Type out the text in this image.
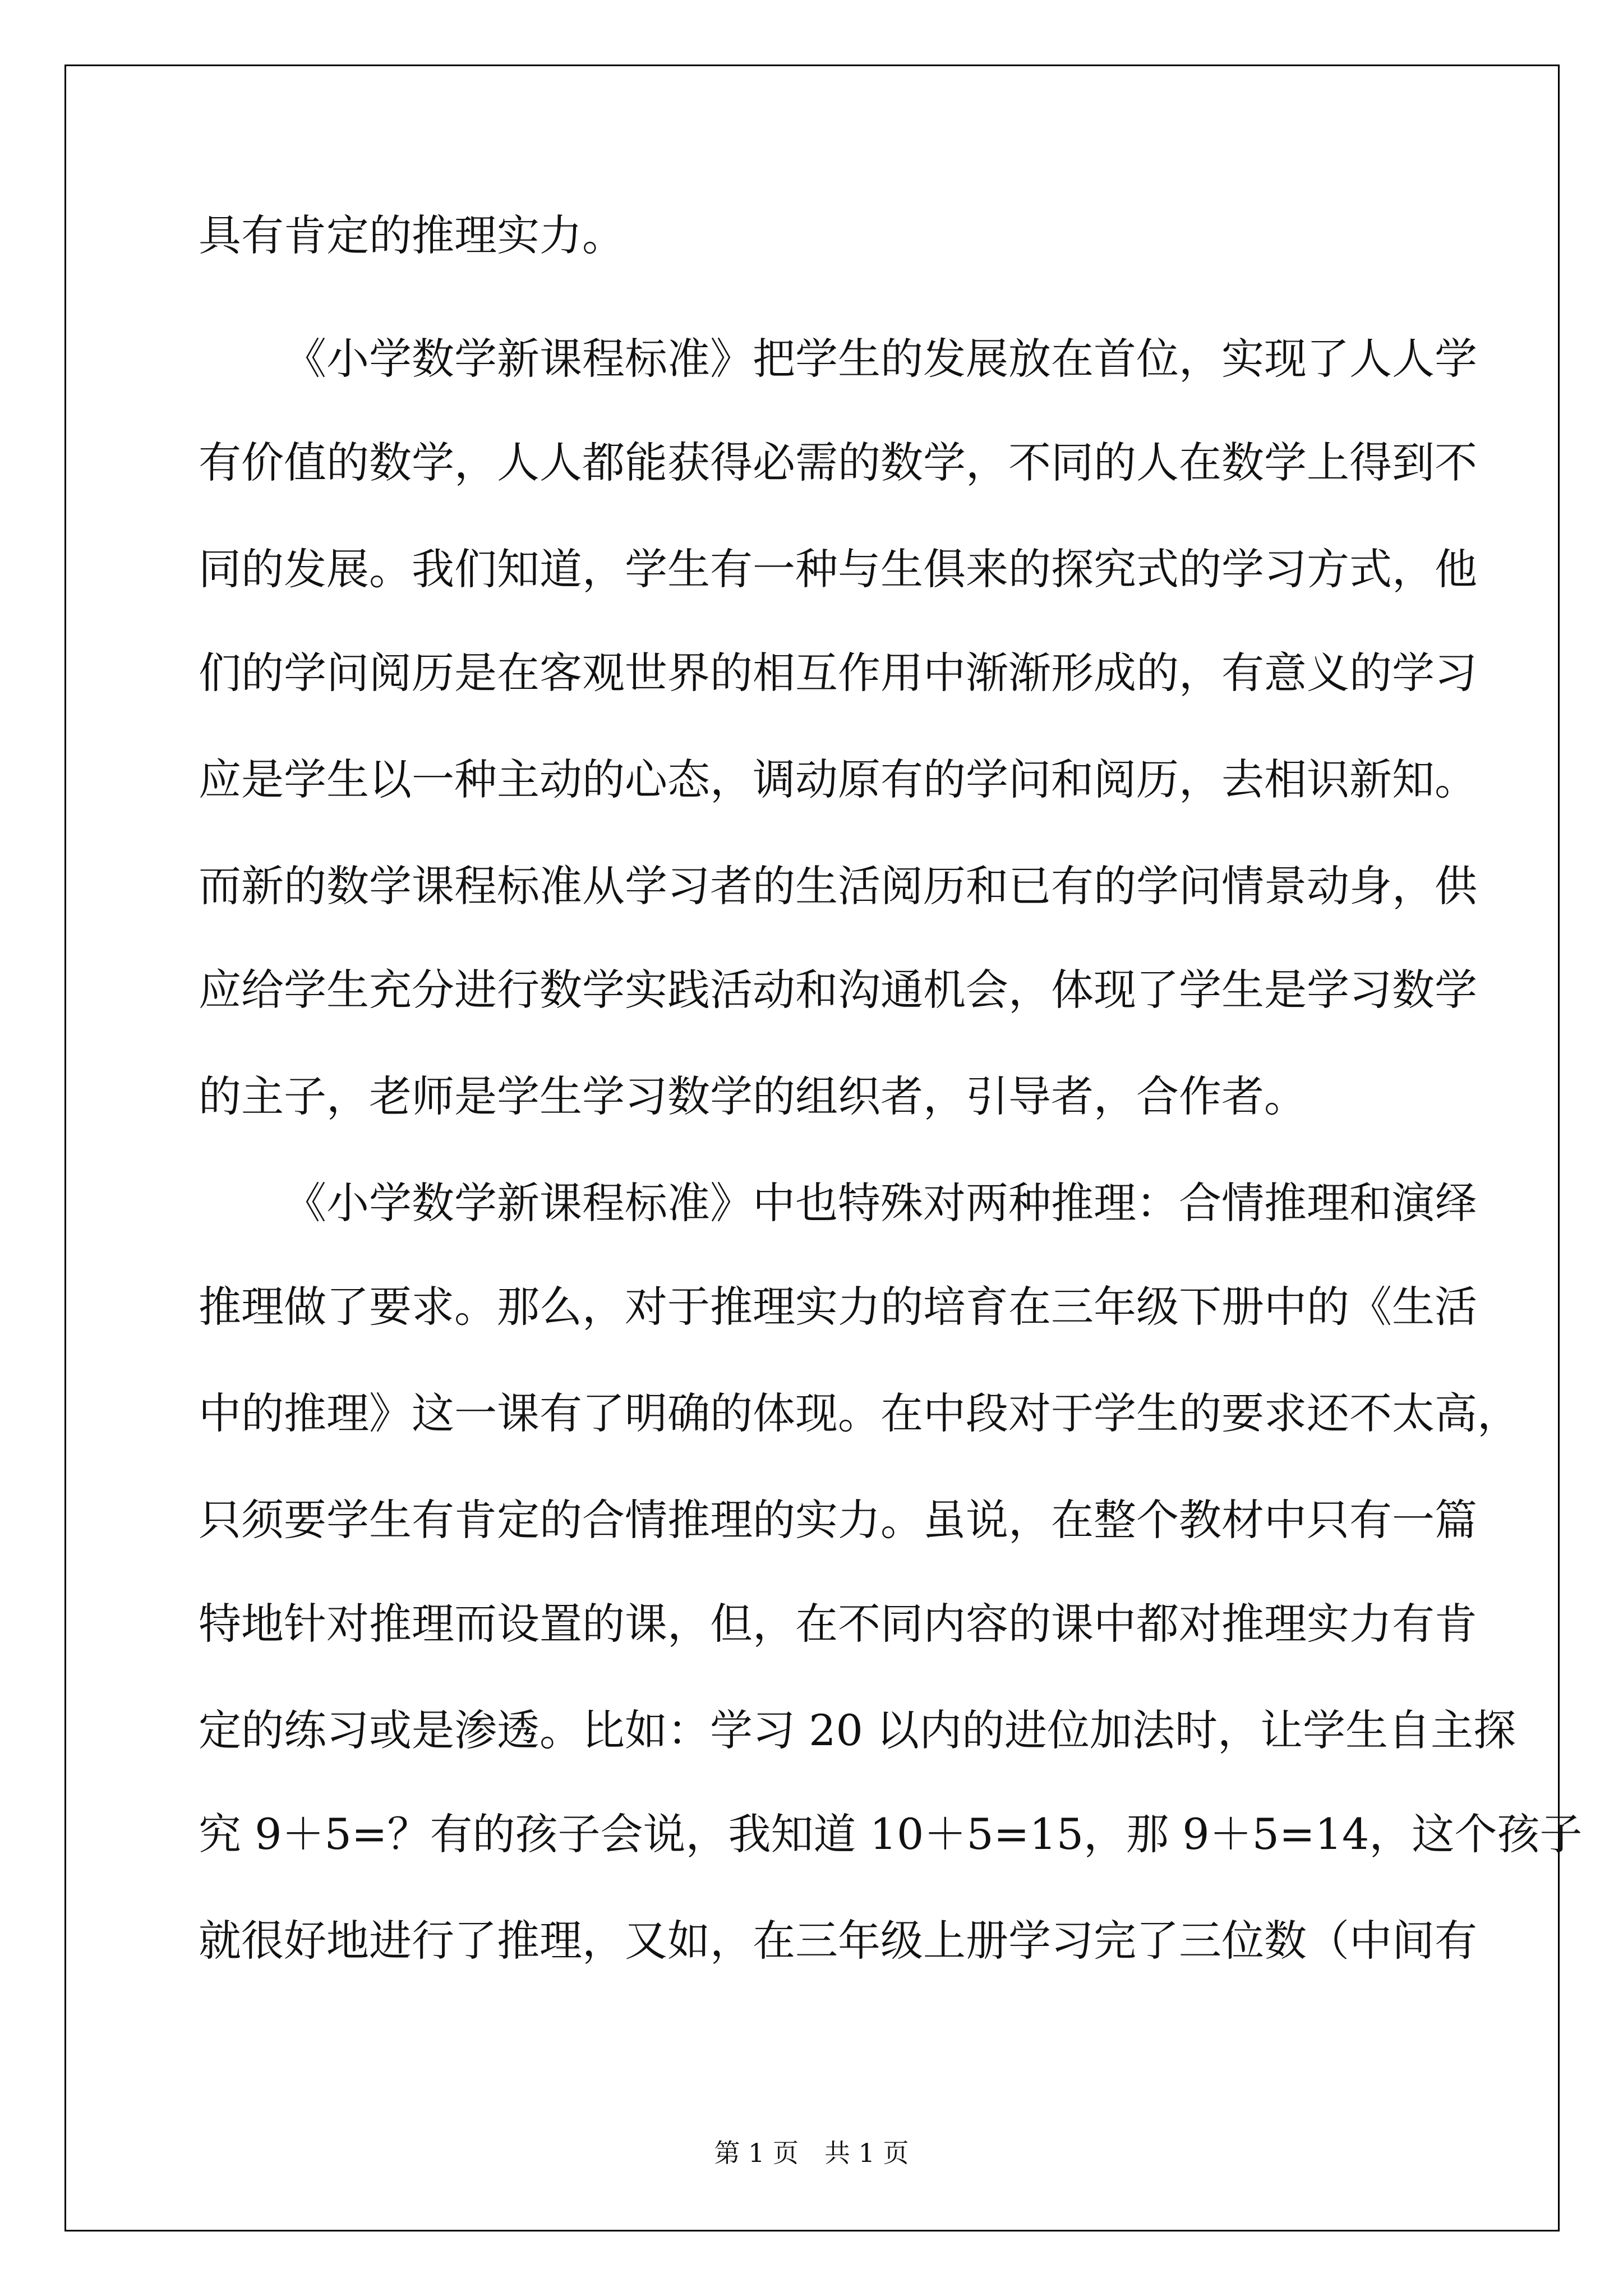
具有肯定的推理实力。
《小学数学新课程标准》把学生的发展放在首位，实现了人人学
有价值的数学，人人都能获得必需的数学，不同的人在数学上得到不
同的发展。我们知道，学生有一种与生俱来的探究式的学习方式，他
们的学问阅历是在客观世界的相互作用中渐渐形成的，有意义的学习
应是学生以一种主动的心态，调动原有的学问和阅历，去相识新知。
而新的数学课程标准从学习者的生活阅历和已有的学问情景动身，供
应给学生充分进行数学实践活动和沟通机会，体现了学生是学习数学
的主子，老师是学生学习数学的组织者，引导者，合作者。
《小学数学新课程标准》中也特殊对两种推理：合情推理和演绎
推理做了要求。那么，对于推理实力的培育在三年级下册中的《生活
中的推理》这一课有了明确的体现。在中段对于学生的要求还不太高，
只须要学生有肯定的合情推理的实力。虽说，在整个教材中只有一篇
特地针对推理而设置的课，但，在不同内容的课中都对推理实力有肯
定的练习或是渗透。比如：学习 20 以内的进位加法时，让学生自主探
究 9＋5=？有的孩子会说，我知道 10＋5=15，那 9＋5=14，这个孩子
就很好地进行了推理，又如，在三年级上册学习完了三位数（中间有
第 1 页　共 1 页
